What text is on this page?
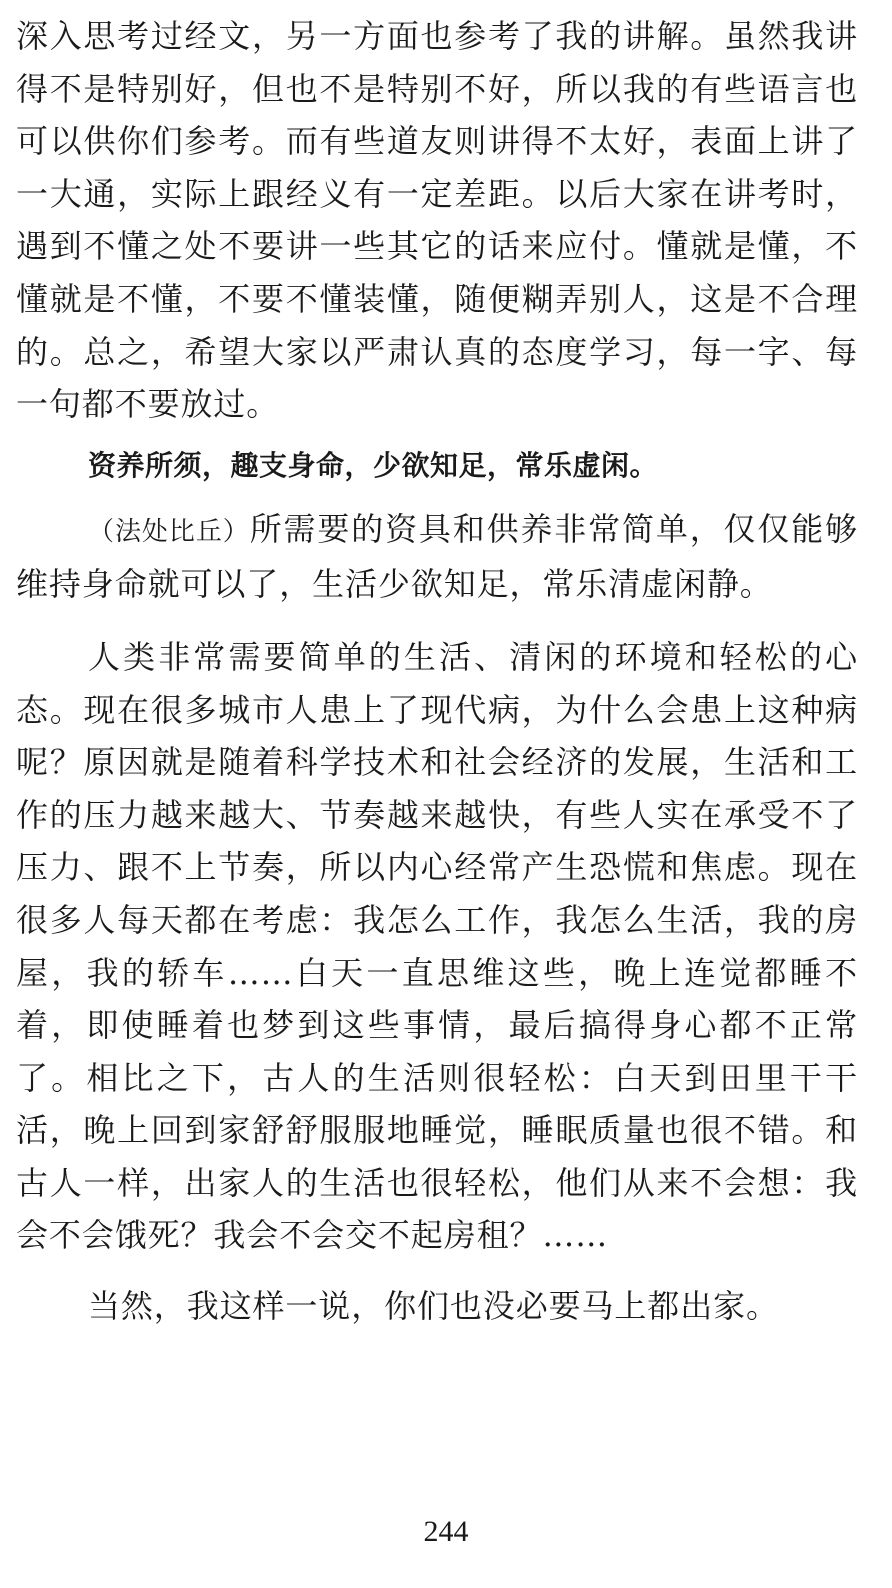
深入思考过经文，另一方面也参考了我的讲解。虽然我讲得不是特别好，但也不是特别不好，所以我的有些语言也可以供你们参考。而有些道友则讲得不太好，表面上讲了一大通，实际上跟经义有一定差距。以后大家在讲考时，遇到不懂之处不要讲一些其它的话来应付。懂就是懂，不懂就是不懂，不要不懂装懂，随便糊弄别人，这是不合理的。总之，希望大家以严肃认真的态度学习，每一字、每一句都不要放过。

资养所须，趣支身命，少欲知足，常乐虚闲。

（法处比丘）所需要的资具和供养非常简单，仅仅能够维持身命就可以了，生活少欲知足，常乐清虚闲静。

人类非常需要简单的生活、清闲的环境和轻松的心态。现在很多城市人患上了现代病，为什么会患上这种病呢？原因就是随着科学技术和社会经济的发展，生活和工作的压力越来越大、节奏越来越快，有些人实在承受不了压力、跟不上节奏，所以内心经常产生恐慌和焦虑。现在很多人每天都在考虑：我怎么工作，我怎么生活，我的房屋，我的轿车……白天一直思维这些，晚上连觉都睡不着，即使睡着也梦到这些事情，最后搞得身心都不正常了。相比之下，古人的生活则很轻松：白天到田里干干活，晚上回到家舒舒服服地睡觉，睡眠质量也很不错。和古人一样，出家人的生活也很轻松，他们从来不会想：我会不会饿死？我会不会交不起房租？……

当然，我这样一说，你们也没必要马上都出家。

244
